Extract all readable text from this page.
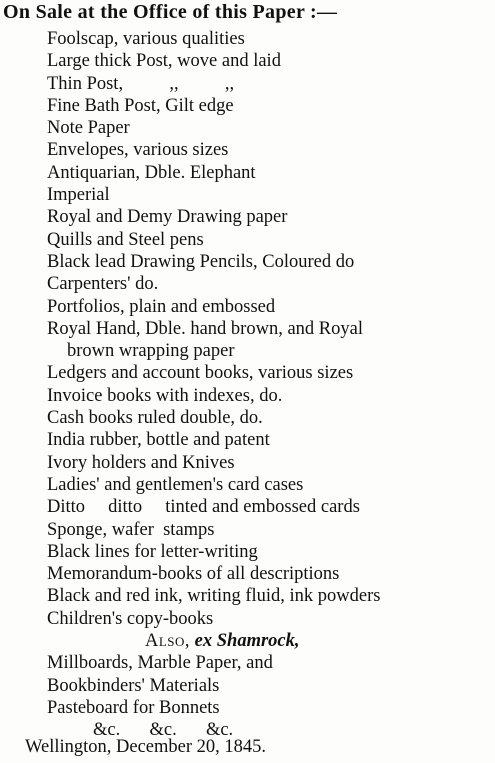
On Sale at the Office of this Paper :—
Foolscap, various qualities
Large thick Post, wove and laid
Thin Post,          ,,          ,,
Fine Bath Post, Gilt edge
Note Paper
Envelopes, various sizes
Antiquarian, Dble. Elephant
Imperial
Royal and Demy Drawing paper
Quills and Steel pens
Black lead Drawing Pencils, Coloured do
Carpenters' do.
Portfolios, plain and embossed
Royal Hand, Dble. hand brown, and Royal
brown wrapping paper
Ledgers and account books, various sizes
Invoice books with indexes, do.
Cash books ruled double, do.
India rubber, bottle and patent
Ivory holders and Knives
Ladies' and gentlemen's card cases
Ditto     ditto     tinted and embossed cards
Sponge, wafer  stamps
Black lines for letter-writing
Memorandum-books of all descriptions
Black and red ink, writing fluid, ink powders
Children's copy-books
Also, ex Shamrock,
Millboards, Marble Paper, and
Bookbinders' Materials
Pasteboard for Bonnets
&c.  &c.  &c.
Wellington, December 20, 1845.
